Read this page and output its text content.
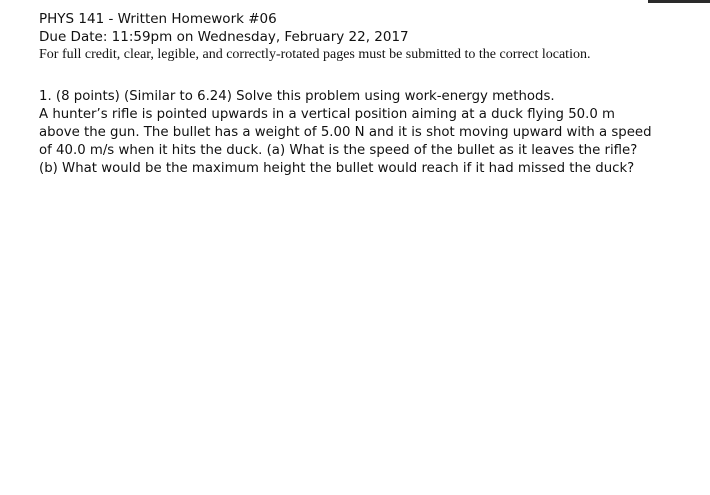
PHYS 141 - Written Homework #06
Due Date: 11:59pm on Wednesday, February 22, 2017
For full credit, clear, legible, and correctly-rotated pages must be submitted to the correct location.
1. (8 points) (Similar to 6.24) Solve this problem using work-energy methods.

A hunter’s rifle is pointed upwards in a vertical position aiming at a duck flying 50.0 m above the gun. The bullet has a weight of 5.00 N and it is shot moving upward with a speed of 40.0 m/s when it hits the duck. (a) What is the speed of the bullet as it leaves the rifle? (b) What would be the maximum height the bullet would reach if it had missed the duck?
